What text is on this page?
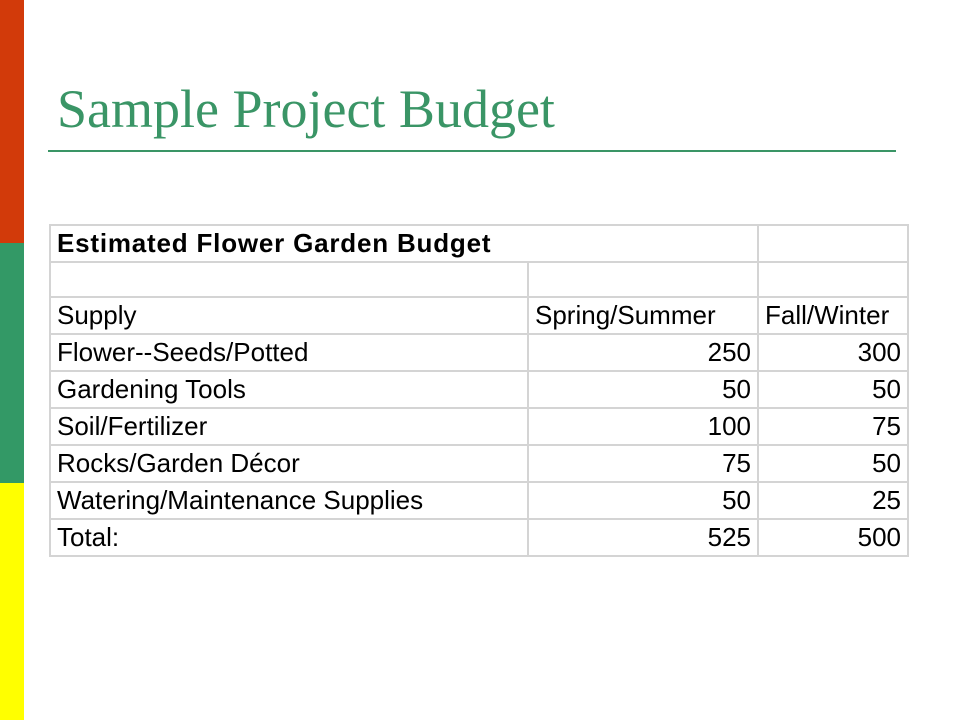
Sample Project Budget
Estimated Flower Garden Budget		

Supply	Spring/Summer	Fall/Winter
Flower--Seeds/Potted	250	300
Gardening Tools	50	50
Soil/Fertilizer	100	75
Rocks/Garden Décor	75	50
Watering/Maintenance Supplies	50	25
Total:	525	500
